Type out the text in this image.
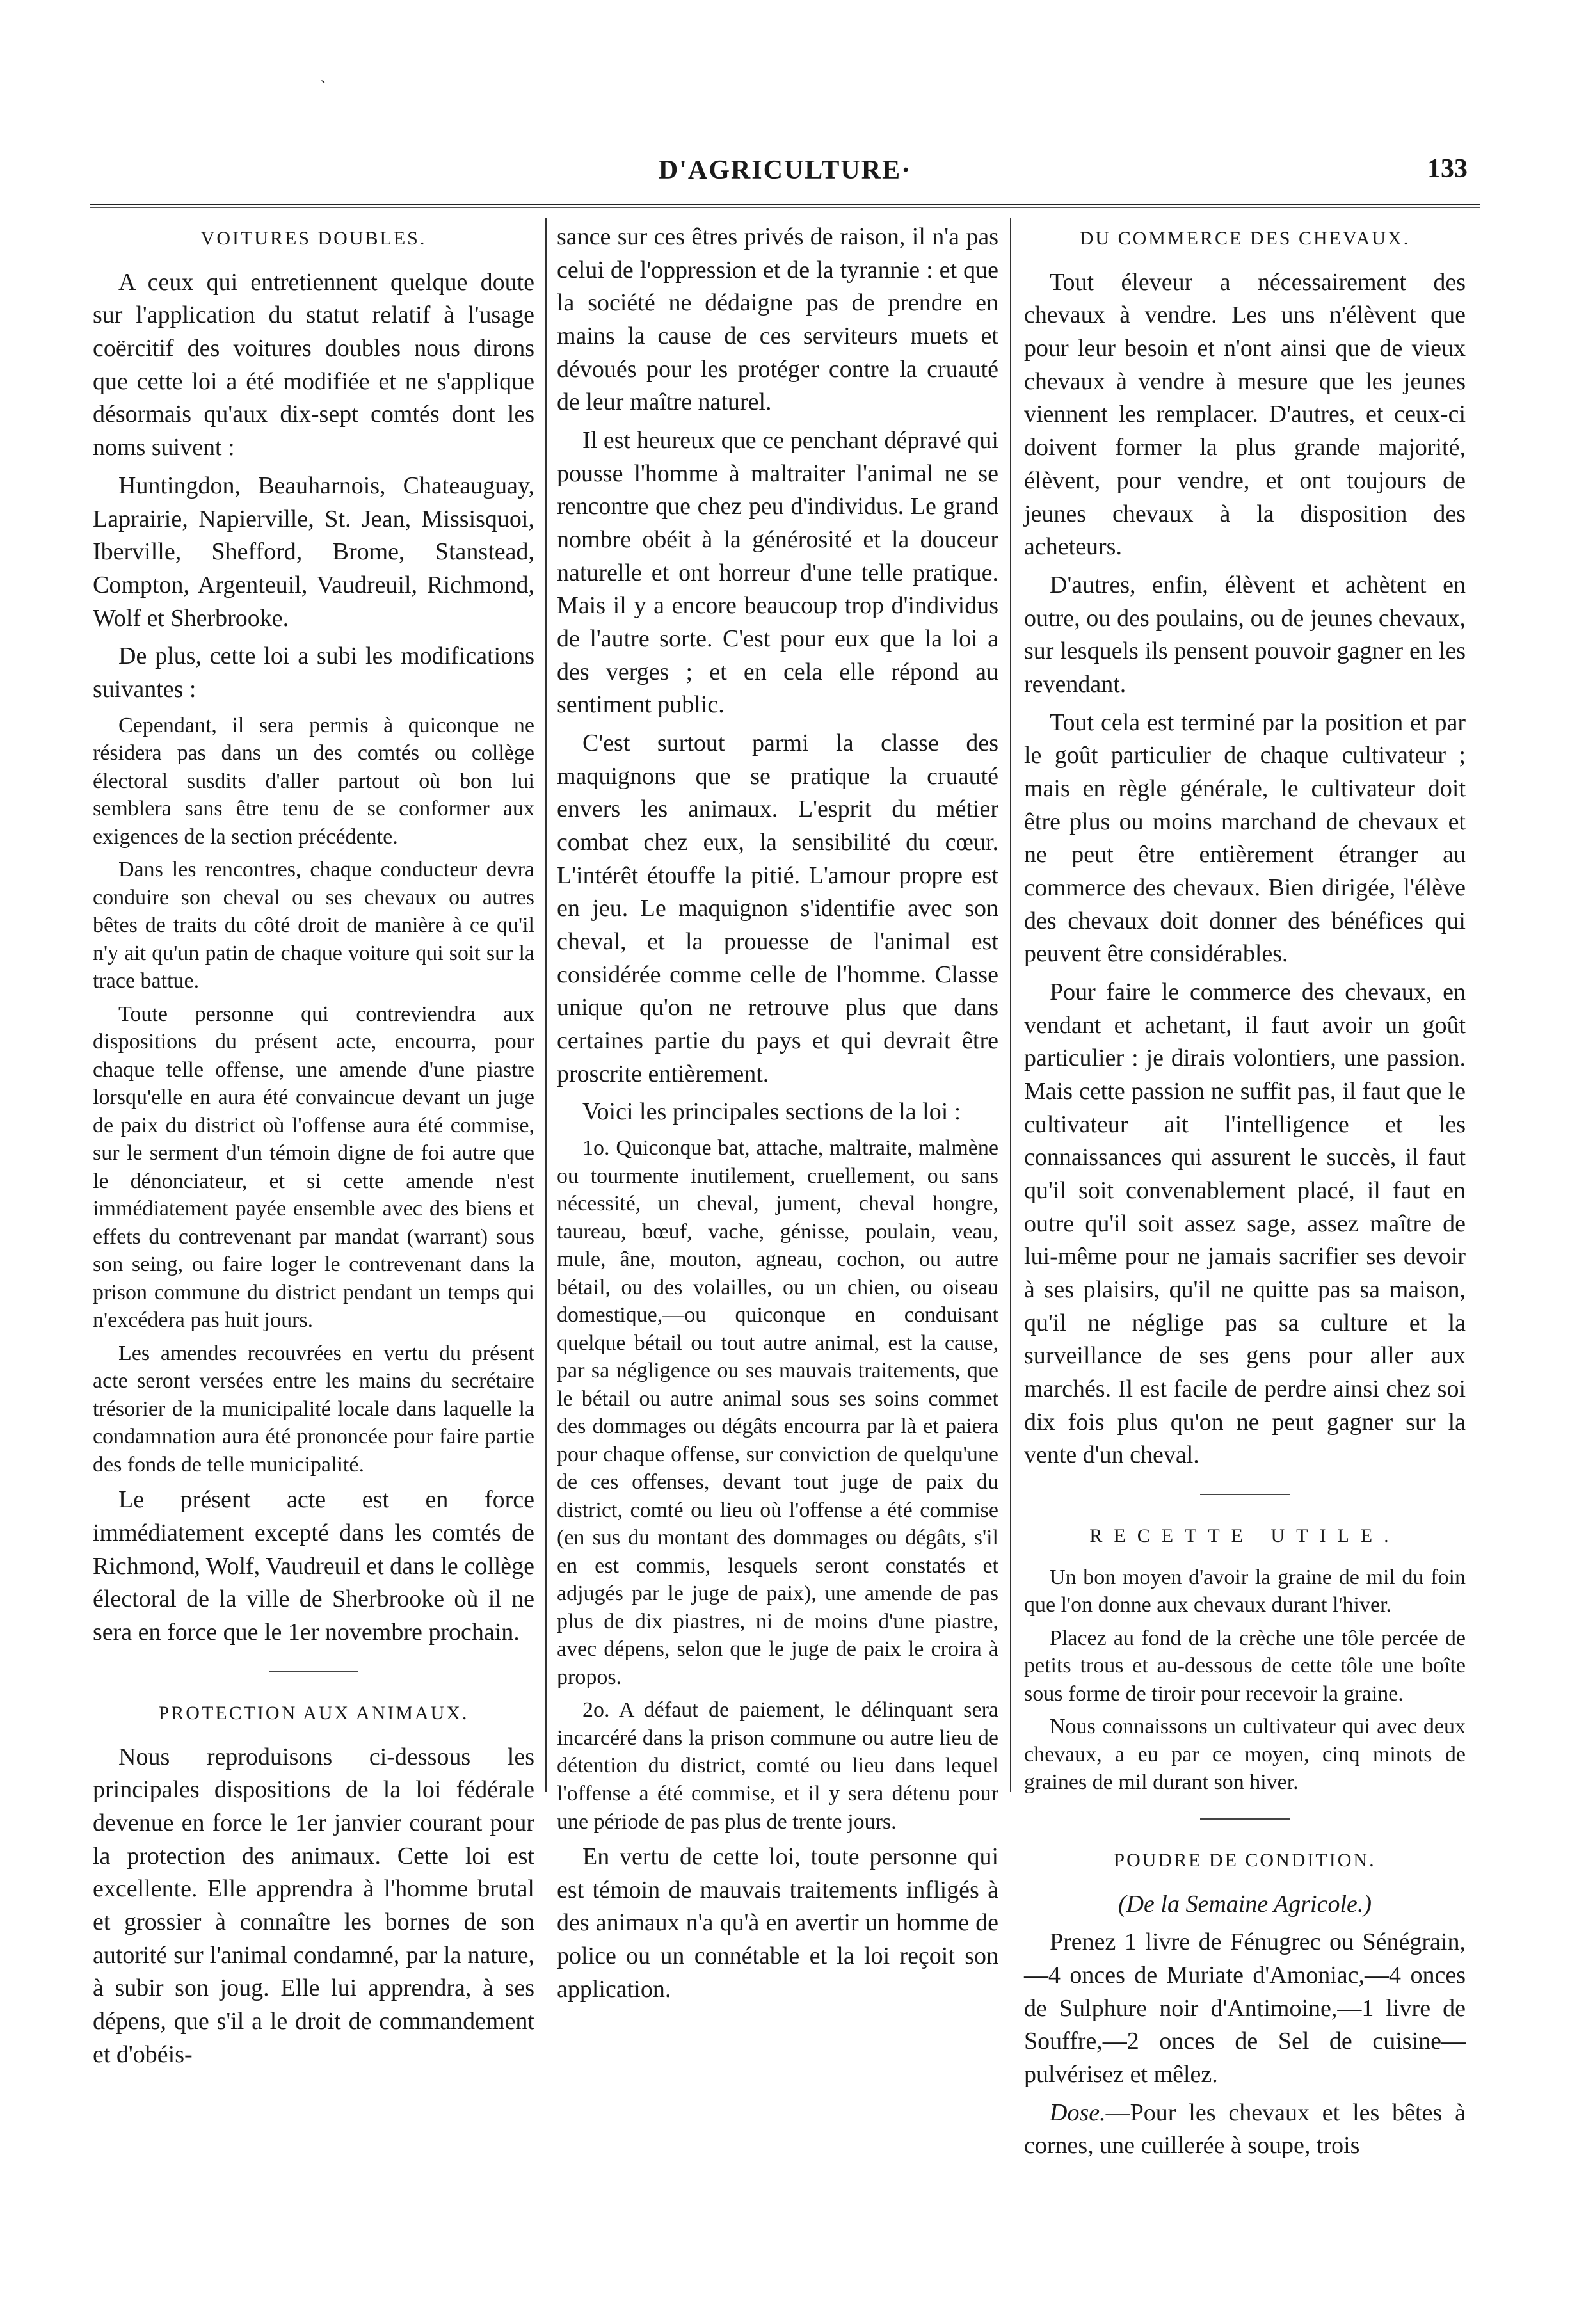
`
D'AGRICULTURE·	133
VOITURES DOUBLES.

A ceux qui entretiennent quelque doute sur l'application du statut relatif à l'usage coërcitif des voitures doubles nous dirons que cette loi a été modifiée et ne s'applique désormais qu'aux dix-sept comtés dont les noms suivent :

Huntingdon, Beauharnois, Chateauguay, Laprairie, Napierville, St. Jean, Missisquoi, Iberville, Shefford, Brome, Stanstead, Compton, Argenteuil, Vaudreuil, Richmond, Wolf et Sherbrooke.

De plus, cette loi a subi les modifications suivantes :

Cependant, il sera permis à quiconque ne résidera pas dans un des comtés ou collège électoral susdits d'aller partout où bon lui semblera sans être tenu de se conformer aux exigences de la section précédente.

Dans les rencontres, chaque conducteur devra conduire son cheval ou ses chevaux ou autres bêtes de traits du côté droit de manière à ce qu'il n'y ait qu'un patin de chaque voiture qui soit sur la trace battue.

Toute personne qui contreviendra aux dispositions du présent acte, encourra, pour chaque telle offense, une amende d'une piastre lorsqu'elle en aura été convaincue devant un juge de paix du district où l'offense aura été commise, sur le serment d'un témoin digne de foi autre que le dénonciateur, et si cette amende n'est immédiatement payée ensemble avec des biens et effets du contrevenant par mandat (warrant) sous son seing, ou faire loger le contrevenant dans la prison commune du district pendant un temps qui n'excédera pas huit jours.

Les amendes recouvrées en vertu du présent acte seront versées entre les mains du secrétaire trésorier de la municipalité locale dans laquelle la condamnation aura été prononcée pour faire partie des fonds de telle municipalité.

Le présent acte est en force immédiatement excepté dans les comtés de Richmond, Wolf, Vaudreuil et dans le collège électoral de la ville de Sherbrooke où il ne sera en force que le 1er novembre prochain.

PROTECTION AUX ANIMAUX.

Nous reproduisons ci-dessous les principales dispositions de la loi fédérale devenue en force le 1er janvier courant pour la protection des animaux. Cette loi est excellente. Elle apprendra à l'homme brutal et grossier à connaître les bornes de son autorité sur l'animal condamné, par la nature, à subir son joug. Elle lui apprendra, à ses dépens, que s'il a le droit de commandement et d'obéis-

sance sur ces êtres privés de raison, il n'a pas celui de l'oppression et de la tyrannie : et que la société ne dédaigne pas de prendre en mains la cause de ces serviteurs muets et dévoués pour les protéger contre la cruauté de leur maître naturel.

Il est heureux que ce penchant dépravé qui pousse l'homme à maltraiter l'animal ne se rencontre que chez peu d'individus. Le grand nombre obéit à la générosité et la douceur naturelle et ont horreur d'une telle pratique. Mais il y a encore beaucoup trop d'individus de l'autre sorte. C'est pour eux que la loi a des verges ; et en cela elle répond au sentiment public.

C'est surtout parmi la classe des maquignons que se pratique la cruauté envers les animaux. L'esprit du métier combat chez eux, la sensibilité du cœur. L'intérêt étouffe la pitié. L'amour propre est en jeu. Le maquignon s'identifie avec son cheval, et la prouesse de l'animal est considérée comme celle de l'homme. Classe unique qu'on ne retrouve plus que dans certaines partie du pays et qui devrait être proscrite entièrement.

Voici les principales sections de la loi :

1o. Quiconque bat, attache, maltraite, malmène ou tourmente inutilement, cruellement, ou sans nécessité, un cheval, jument, cheval hongre, taureau, bœuf, vache, génisse, poulain, veau, mule, âne, mouton, agneau, cochon, ou autre bétail, ou des volailles, ou un chien, ou oiseau domestique,—ou quiconque en conduisant quelque bétail ou tout autre animal, est la cause, par sa négligence ou ses mauvais traitements, que le bétail ou autre animal sous ses soins commet des dommages ou dégâts encourra par là et paiera pour chaque offense, sur conviction de quelqu'une de ces offenses, devant tout juge de paix du district, comté ou lieu où l'offense a été commise (en sus du montant des dommages ou dégâts, s'il en est commis, lesquels seront constatés et adjugés par le juge de paix), une amende de pas plus de dix piastres, ni de moins d'une piastre, avec dépens, selon que le juge de paix le croira à propos.

2o. A défaut de paiement, le délinquant sera incarcéré dans la prison commune ou autre lieu de détention du district, comté ou lieu dans lequel l'offense a été commise, et il y sera détenu pour une période de pas plus de trente jours.

En vertu de cette loi, toute personne qui est témoin de mauvais traitements infligés à des animaux n'a qu'à en avertir un homme de police ou un connétable et la loi reçoit son application.

DU COMMERCE DES CHEVAUX.

Tout éleveur a nécessairement des chevaux à vendre. Les uns n'élèvent que pour leur besoin et n'ont ainsi que de vieux chevaux à vendre à mesure que les jeunes viennent les remplacer. D'autres, et ceux-ci doivent former la plus grande majorité, élèvent, pour vendre, et ont toujours de jeunes chevaux à la disposition des acheteurs.

D'autres, enfin, élèvent et achètent en outre, ou des poulains, ou de jeunes chevaux, sur lesquels ils pensent pouvoir gagner en les revendant.

Tout cela est terminé par la position et par le goût particulier de chaque cultivateur ; mais en règle générale, le cultivateur doit être plus ou moins marchand de chevaux et ne peut être entièrement étranger au commerce des chevaux. Bien dirigée, l'élève des chevaux doit donner des bénéfices qui peuvent être considérables.

Pour faire le commerce des chevaux, en vendant et achetant, il faut avoir un goût particulier : je dirais volontiers, une passion. Mais cette passion ne suffit pas, il faut que le cultivateur ait l'intelligence et les connaissances qui assurent le succès, il faut qu'il soit convenablement placé, il faut en outre qu'il soit assez sage, assez maître de lui-même pour ne jamais sacrifier ses devoir à ses plaisirs, qu'il ne quitte pas sa maison, qu'il ne néglige pas sa culture et la surveillance de ses gens pour aller aux marchés. Il est facile de perdre ainsi chez soi dix fois plus qu'on ne peut gagner sur la vente d'un cheval.

RECETTE UTILE.

Un bon moyen d'avoir la graine de mil du foin que l'on donne aux chevaux durant l'hiver.

Placez au fond de la crèche une tôle percée de petits trous et au-dessous de cette tôle une boîte sous forme de tiroir pour recevoir la graine.

Nous connaissons un cultivateur qui avec deux chevaux, a eu par ce moyen, cinq minots de graines de mil durant son hiver.

POUDRE DE CONDITION.
(De la Semaine Agricole.)

Prenez 1 livre de Fénugrec ou Sénégrain,—4 onces de Muriate d'Amoniac,—4 onces de Sulphure noir d'Antimoine,—1 livre de Souffre,—2 onces de Sel de cuisine—pulvérisez et mêlez.

Dose.—Pour les chevaux et les bêtes à cornes, une cuillerée à soupe, trois
